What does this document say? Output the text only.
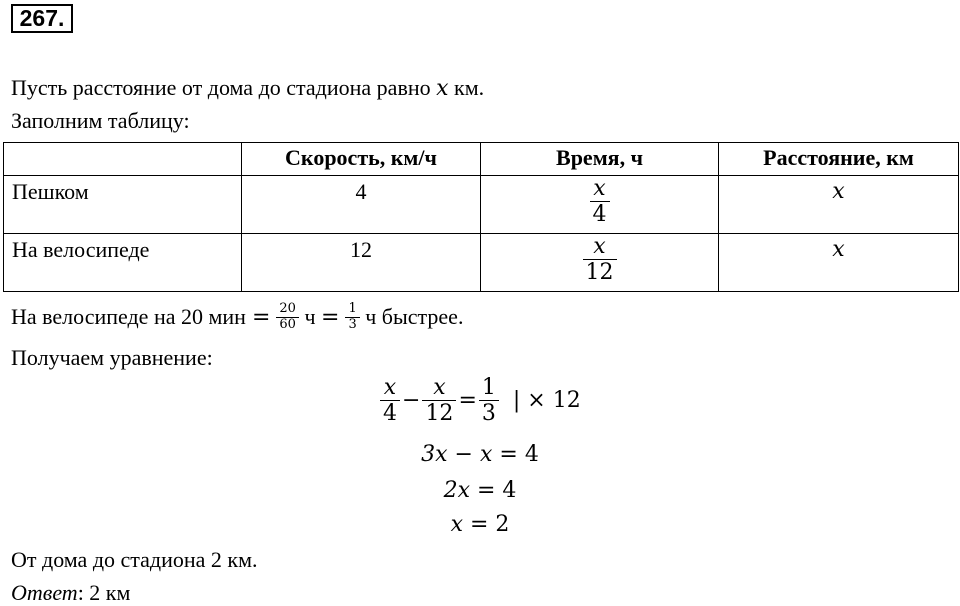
267.
Пусть расстояние от дома до стадиона равно x км.
Заполним таблицу:
	Скорость, км/ч	Время, ч	Расстояние, км
Пешком	4	$\frac{x}{4}$	x
На велосипеде	12	$\frac{x}{12}$	x
На велосипеде на 20 мин = $\frac{20}{60}$ $ч = \frac{1}{3}$ ч быстрее.
Получаем уравнение:
$\frac{x}{4} - \frac{x}{12} = \frac{1}{3}$ | × 12
3x − x = 4
2x = 4
x = 2
От дома до стадиона 2 км.
Ответ: 2 км
